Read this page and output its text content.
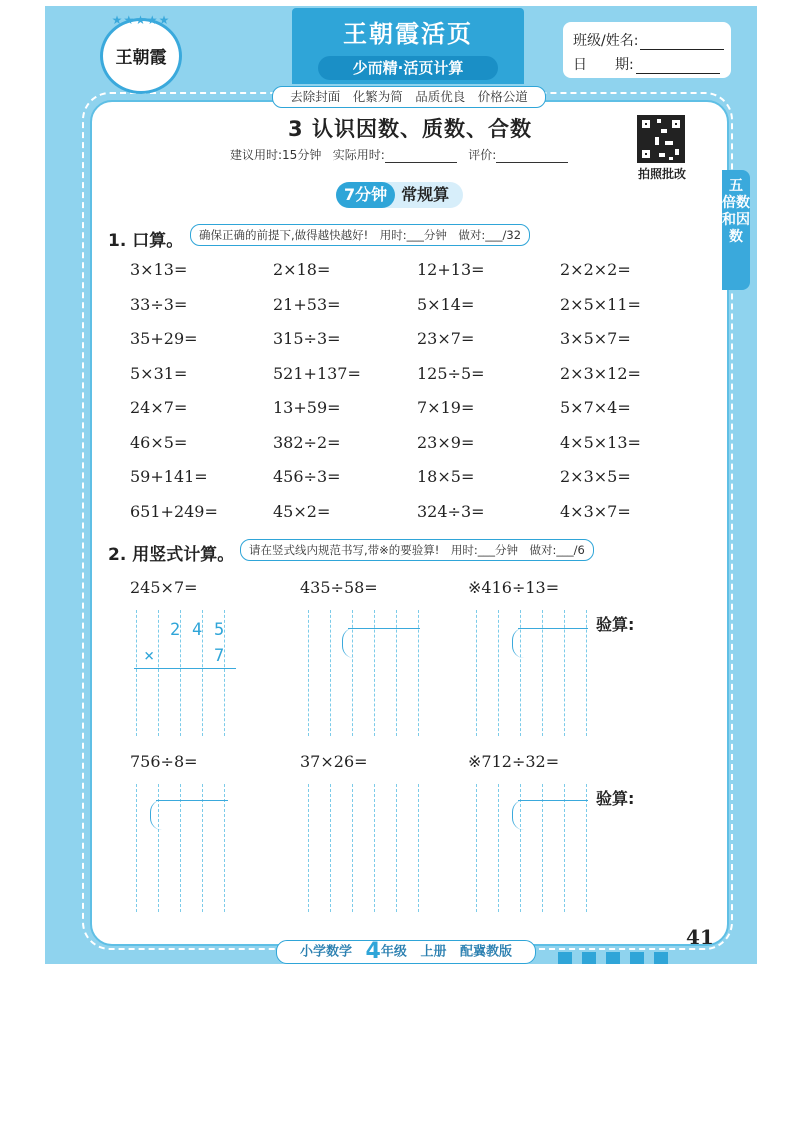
★★★★★
王朝霞
王朝霞活页
少而精·活页计算
去除封面　化繁为简　品质优良　价格公道
班级/姓名:
日　　期:
3 认识因数、质数、合数
建议用时:15分钟 实际用时:	评价:
拍照批改
五 倍数和因数
7分钟 常规算
1. 口算。	确保正确的前提下,做得越快越好!　用时:___分钟　做对:___/32
3×13=	2×18=	12+13=	2×2×2=
33÷3=	21+53=	5×14=	2×5×11=
35+29=	315÷3=	23×7=	3×5×7=
5×31=	521+137=	125÷5=	2×3×12=
24×7=	13+59=	7×19=	5×7×4=
46×5=	382÷2=	23×9=	4×5×13=
59+141=	456÷3=	18×5=	2×3×5=
651+249=	45×2=	324÷3=	4×3×7=
2. 用竖式计算。	请在竖式线内规范书写,带※的要验算!　用时:___分钟　做对:___/6
245×7=	435÷58=	※416÷13=
验算:
756÷8=	37×26=	※712÷32=
验算:
2 4 5
×	7
小学数学 4年级 上册 配冀教版
41
